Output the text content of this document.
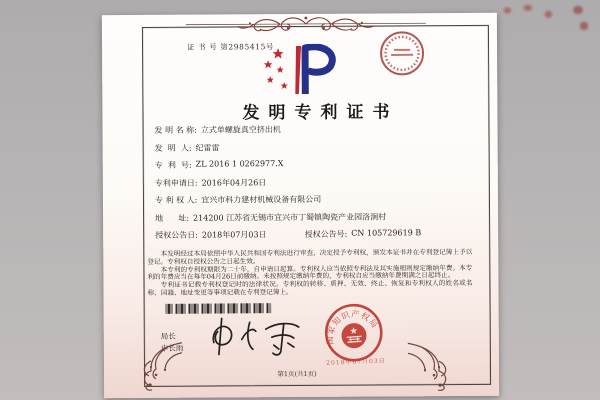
证 书 号 第2985415号
发明专利证书
发 明 名 称: 立式单螺旋真空挤出机
发  明  人: 纪雷雷
专  利  号: ZL 2016 1 0262977.X
专利申请日: 2016年04月26日
专 利 权 人: 宜兴市科力建材机械设备有限公司
地      址: 214200 江苏省无锡市宜兴市丁蜀镇陶瓷产业园洛涧村
授权公告日: 2018年07月03日	授权公告号: CN 105729619 B

本发明经过本局依照中华人民共和国专利法进行审查，决定授予专利权，颁发本证书并在专利登记簿上予以登记。专利权自授权公告之日起生效。

本专利的专利权期限为二十年，自申请日起算。专利权人应当依照专利法及其实施细则规定缴纳年费。本专利的年费应当在每年04月26日前缴纳。未按照规定缴纳年费的，专利权自应当缴纳年费期满之日起终止。

专利证书记载专利权登记时的法律状况。专利权的转移、质押、无效、终止、恢复和专利权人的姓名或名称、国籍、地址变更等事项记载在专利登记簿上。

局长
申长雨
国家知识产权局
2018年07月03日
第1页(共1页)
